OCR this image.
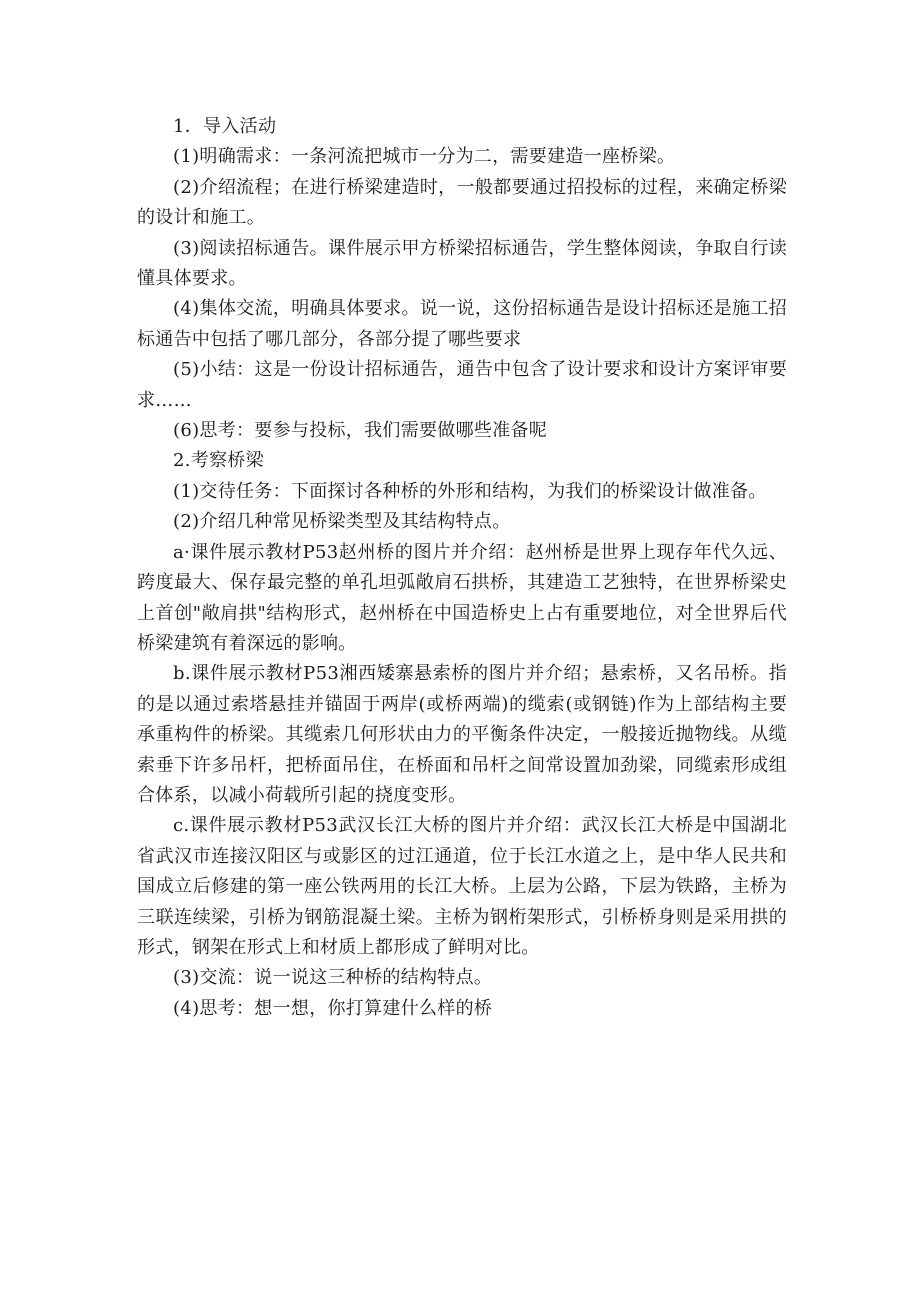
1．导入活动

(1)明确需求：一条河流把城市一分为二，需要建造一座桥梁。

(2)介绍流程；在进行桥梁建造时，一般都要通过招投标的过程，来确定桥梁的设计和施工。

(3)阅读招标通告。课件展示甲方桥梁招标通告，学生整体阅读，争取自行读懂具体要求。

(4)集体交流，明确具体要求。说一说，这份招标通告是设计招标还是施工招标通告中包括了哪几部分，各部分提了哪些要求

(5)小结：这是一份设计招标通告，通告中包含了设计要求和设计方案评审要求……

(6)思考：要参与投标，我们需要做哪些准备呢

2.考察桥梁

(1)交待任务：下面探讨各种桥的外形和结构，为我们的桥梁设计做准备。

(2)介绍几种常见桥梁类型及其结构特点。

a·课件展示教材P53赵州桥的图片并介绍：赵州桥是世界上现存年代久远、跨度最大、保存最完整的单孔坦弧敞肩石拱桥，其建造工艺独特，在世界桥梁史上首创"敞肩拱"结构形式，赵州桥在中国造桥史上占有重要地位，对全世界后代桥梁建筑有着深远的影响。

b.课件展示教材P53湘西矮寨悬索桥的图片并介绍；悬索桥，又名吊桥。指的是以通过索塔悬挂并锚固于两岸(或桥两端)的缆索(或钢链)作为上部结构主要承重构件的桥梁。其缆索几何形状由力的平衡条件决定，一般接近抛物线。从缆索垂下许多吊杆，把桥面吊住，在桥面和吊杆之间常设置加劲梁，同缆索形成组合体系，以减小荷载所引起的挠度变形。

c.课件展示教材P53武汉长江大桥的图片并介绍：武汉长江大桥是中国湖北省武汉市连接汉阳区与或影区的过江通道，位于长江水道之上，是中华人民共和国成立后修建的第一座公铁两用的长江大桥。上层为公路，下层为铁路，主桥为三联连续梁，引桥为钢筋混凝土梁。主桥为钢桁架形式，引桥桥身则是采用拱的形式，钢架在形式上和材质上都形成了鲜明对比。

(3)交流：说一说这三种桥的结构特点。

(4)思考：想一想，你打算建什么样的桥
